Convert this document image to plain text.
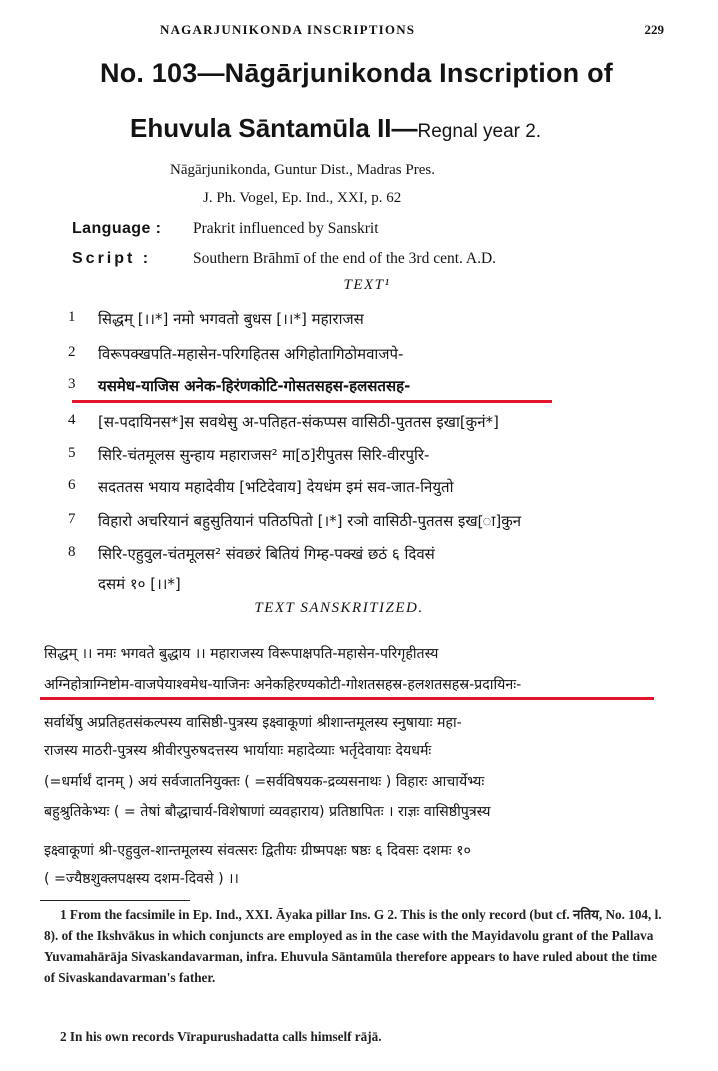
NAGARJUNIKONDA INSCRIPTIONS	229
No. 103—Nāgārjunikonda Inscription of
Ehuvula Sāntamūla II—Regnal year 2.
Nāgārjunikonda, Guntur Dist., Madras Pres.
J. Ph. Vogel, Ep. Ind., XXI, p. 62
Language : Prakrit influenced by Sanskrit
Script :	Southern Brāhmī of the end of the 3rd cent. A.D.
TEXT¹
1	सिद्धम् [।।*] नमो भगवतो बुधस [।।*] महाराजस
2	विरूपक्खपति-महासेन-परिगहितस अगिहोतागिठोमवाजपे-
3	यसमेध-याजिस अनेक-हिरंणकोटि-गोसतसहस-हलसतसह-
4	[स-पदायिनस*]स सवथेसु अ-पतिहत-संकप्पस वासिठी-पुततस इखा[कुनं*]
5	सिरि-चंतमूलस सुन्हाय महाराजस² मा[ठ]रीपुतस सिरि-वीरपुरि-
6	सदततस भयाय महादेवीय [भटिदेवाय] देयधंम इमं सव-जात-नियुतो
7	विहारो अचरियानं बहुसुतियानं पतिठपितो [।*] रञो वासिठी-पुततस इख[ा]कुन
8	सिरि-एहुवुल-चंतमूलस² संवछरं बितियं गिम्ह-पक्खं छठं ६ दिवसं
दसमं १० [।।*]
TEXT SANSKRITIZED.
सिद्धम् ।। नमः भगवते बुद्धाय ।। महाराजस्य विरूपाक्षपति-महासेन-परिगृहीतस्य
अग्निहोत्राग्निष्टोम-वाजपेयाश्वमेध-याजिनः अनेकहिरण्यकोटी-गोशतसहस्र-हलशतसहस्र-प्रदायिनः-
सर्वार्थेषु अप्रतिहतसंकल्पस्य वासिष्ठी-पुत्रस्य इक्ष्वाकूणां श्रीशान्तमूलस्य स्नुषायाः महा-
राजस्य माठरी-पुत्रस्य श्रीवीरपुरुषदत्तस्य भार्यायाः महादेव्याः भर्तृदेवायाः देयधर्मः
(=धर्मार्थं दानम् ) अयं सर्वजातनियुक्तः ( =सर्वविषयक-द्रव्यसनाथः ) विहारः आचार्येभ्यः
बहुश्रुतिकेभ्यः ( = तेषां बौद्धाचार्य-विशेषाणां व्यवहाराय) प्रतिष्ठापितः । राज्ञः वासिष्ठीपुत्रस्य
इक्ष्वाकूणां श्री-एहुवुल-शान्तमूलस्य संवत्सरः द्वितीयः ग्रीष्मपक्षः षष्ठः ६ दिवसः दशमः १०
( =ज्यैष्ठशुक्लपक्षस्य दशम-दिवसे ) ।।
1 From the facsimile in Ep. Ind., XXI. Āyaka pillar Ins. G 2. This is the only record (but cf. नतिय, No. 104, l. 8). of the Ikshvākus in which conjuncts are employed as in the case with the Mayidavolu grant of the Pallava Yuvamahārāja Sivaskandavarman, infra. Ehuvula Sāntamūla therefore appears to have ruled about the time of Sivaskandavarman's father.
2 In his own records Vīrapurushadatta calls himself rājā.
